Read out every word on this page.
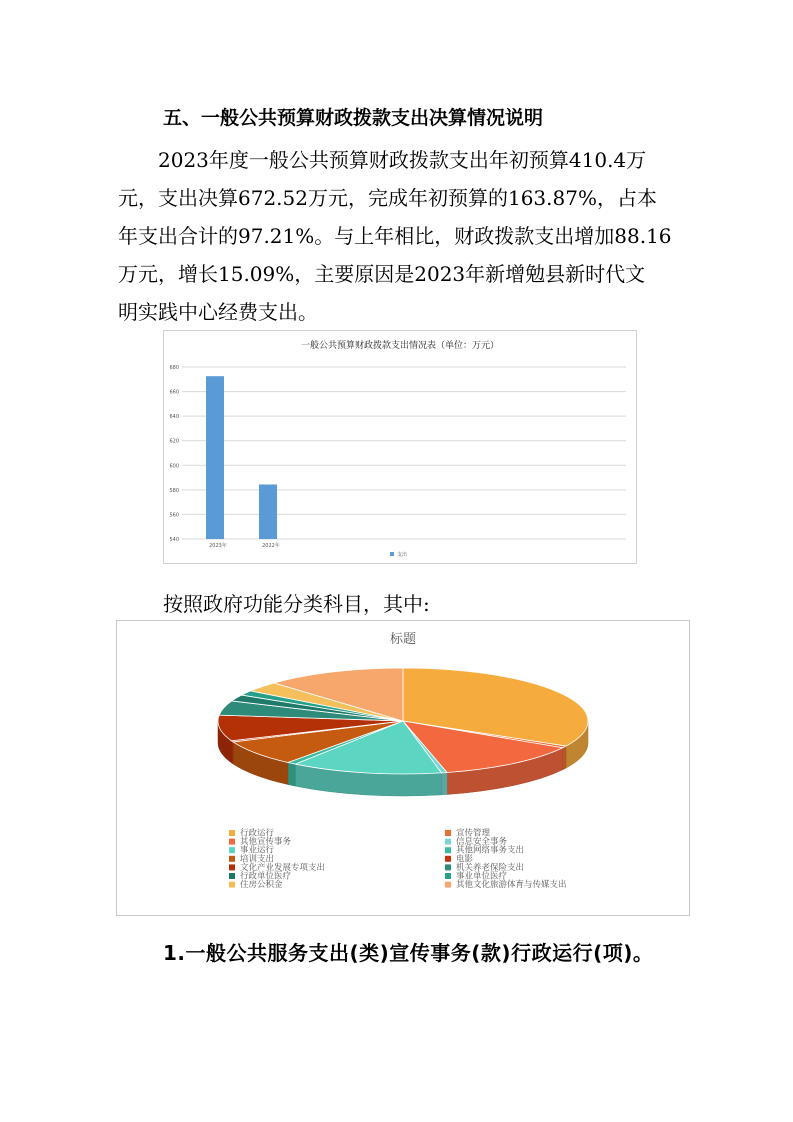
五、一般公共预算财政拨款支出决算情况说明
　　2023年度一般公共预算财政拨款支出年初预算410.4万
元，支出决算672.52万元，完成年初预算的163.87%，占本
年支出合计的97.21%。与上年相比，财政拨款支出增加88.16
万元，增长15.09%，主要原因是2023年新增勉县新时代文
明实践中心经费支出。
一般公共预算财政拨款支出情况表（单位：万元）
540
560
580
600
620
640
660
680
2023年	2022年
支出
按照政府功能分类科目，其中:
标题
行政运行	宣传管理
其他宣传事务	信息安全事务
事业运行	其他网络事务支出
培训支出	电影
文化产业发展专项支出	机关养老保险支出
行政单位医疗	事业单位医疗
住房公积金	其他文化旅游体育与传媒支出
1.一般公共服务支出(类)宣传事务(款)行政运行(项)。
